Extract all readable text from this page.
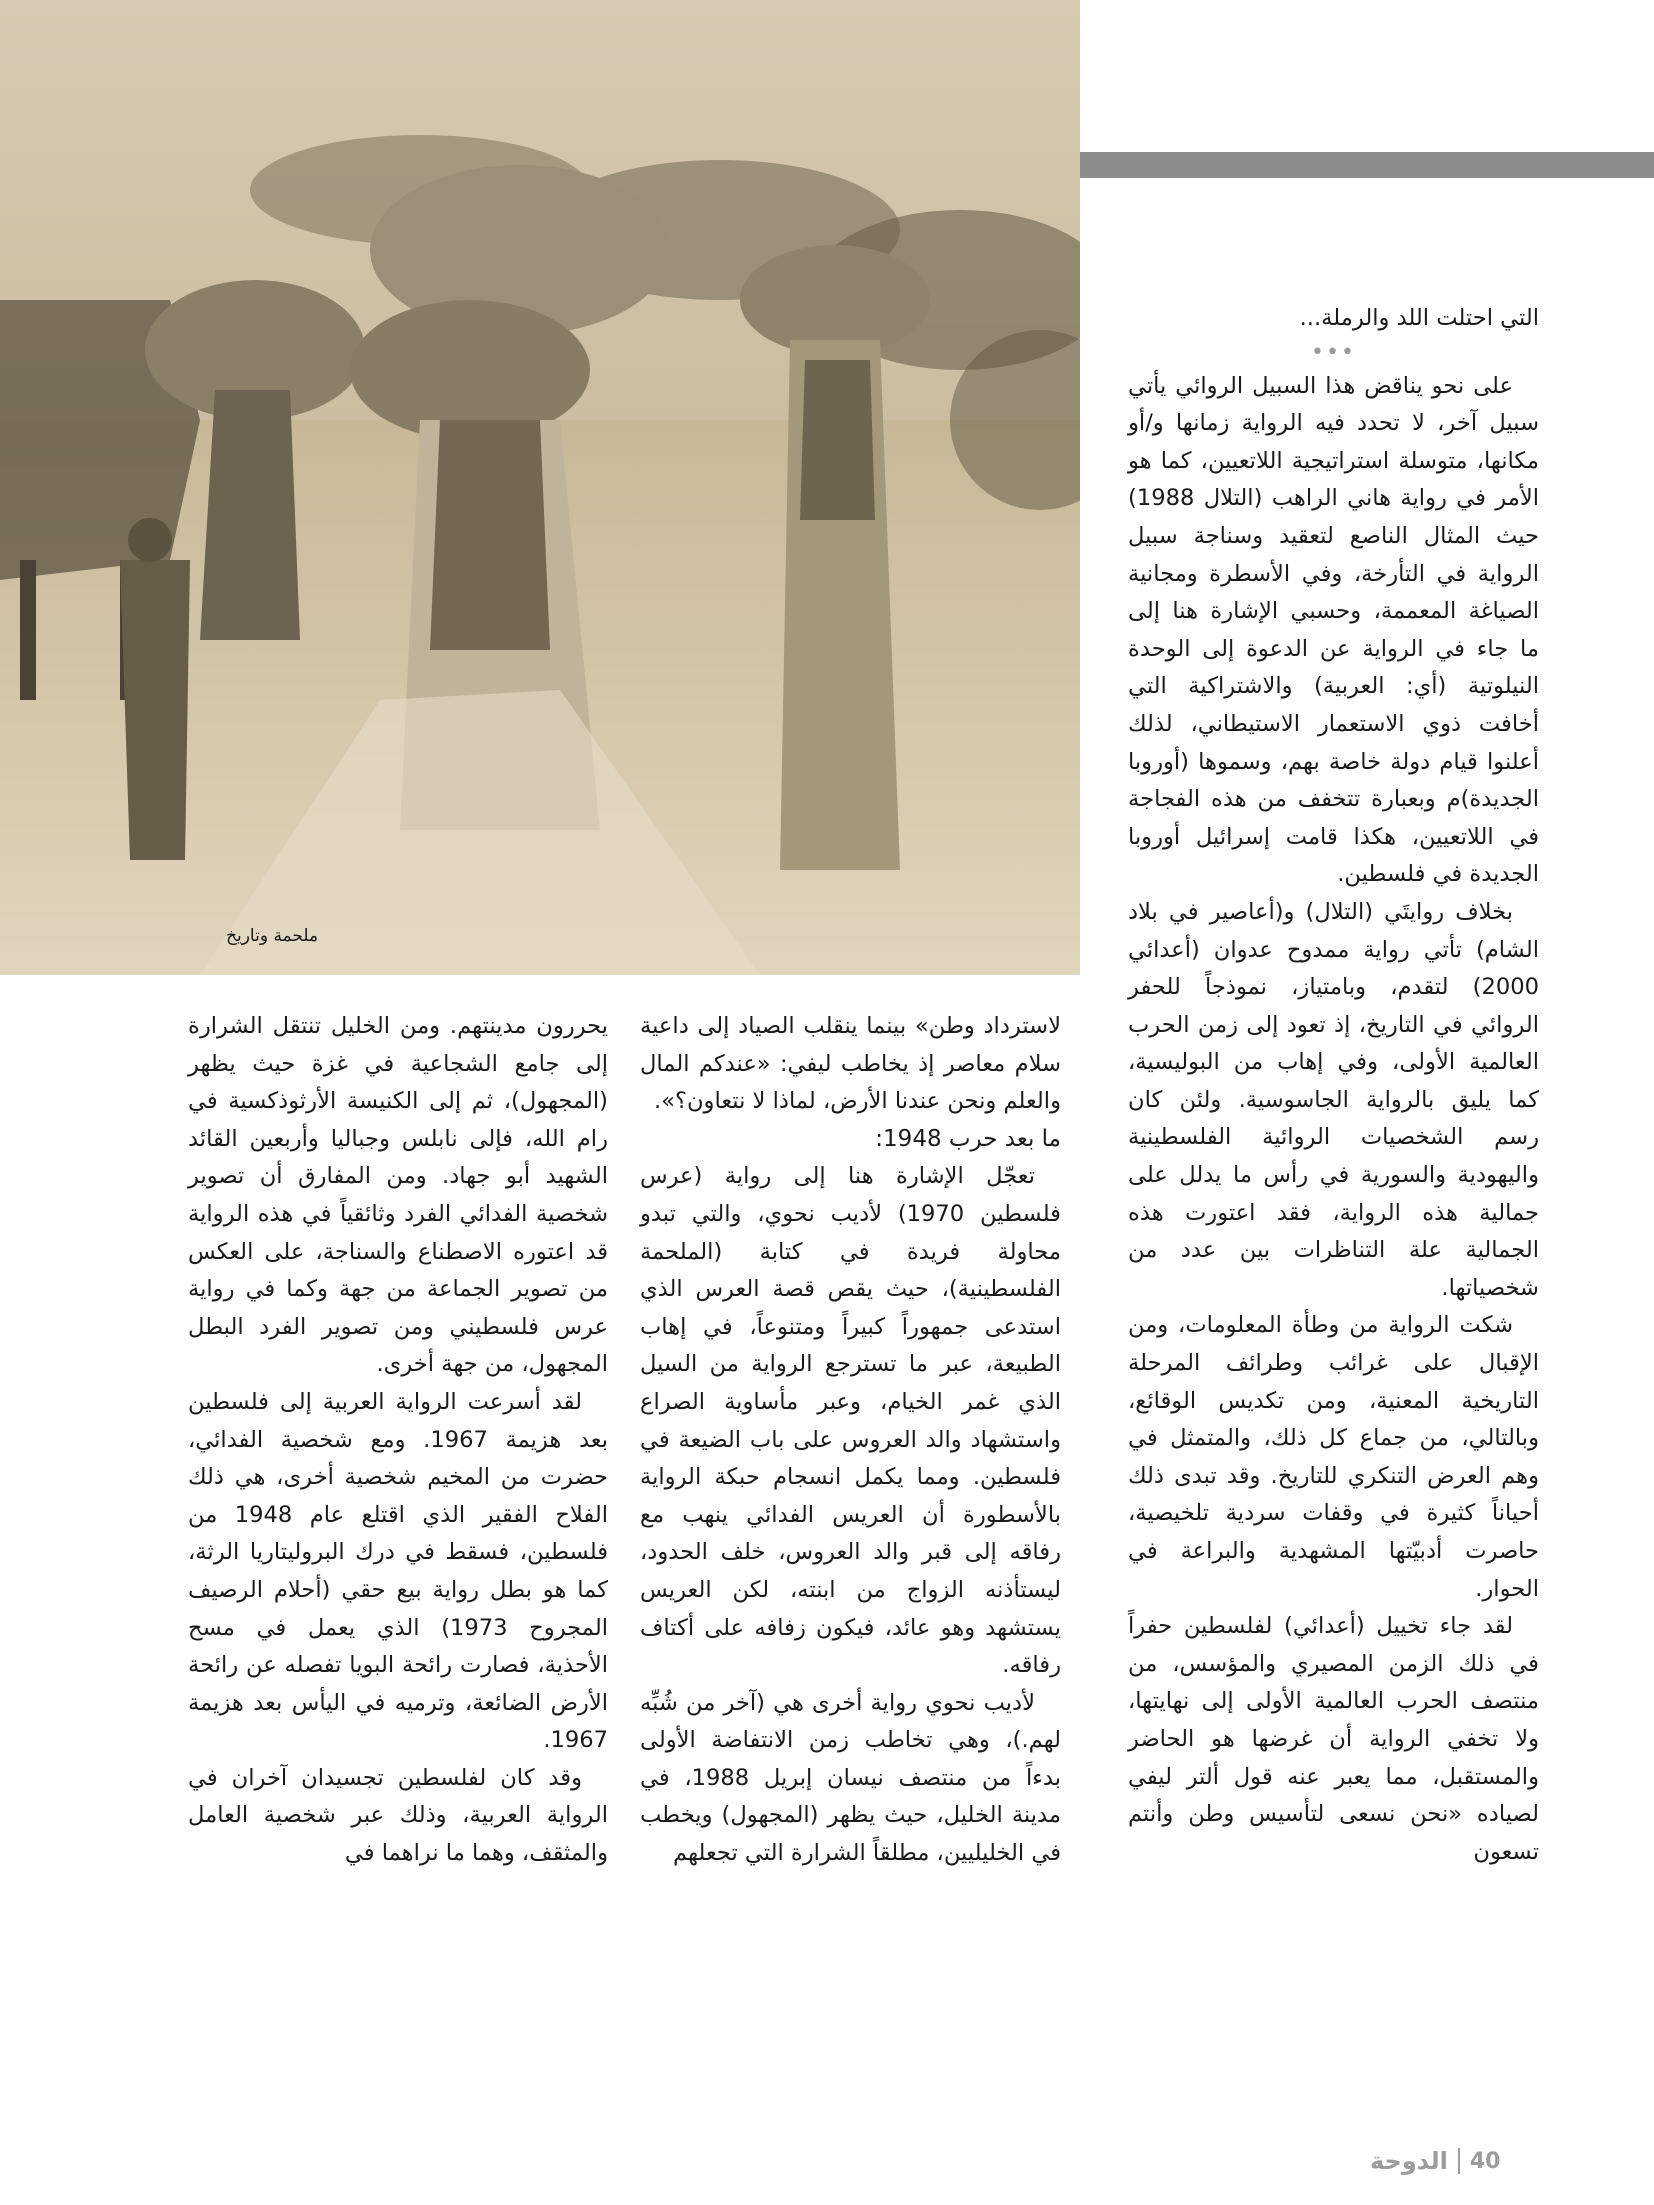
ملحمة وتاريخ

التي احتلت اللد والرملة...

•••

على نحو يناقض هذا السبيل الروائي يأتي سبيل آخر، لا تحدد فيه الرواية زمانها و/أو مكانها، متوسلة استراتيجية اللاتعيين، كما هو الأمر في رواية هاني الراهب (التلال 1988) حيث المثال الناصع لتعقيد وسناجة سبيل الرواية في التأرخة، وفي الأسطرة ومجانية الصياغة المعممة، وحسبي الإشارة هنا إلى ما جاء في الرواية عن الدعوة إلى الوحدة النيلوتية (أي: العربية) والاشتراكية التي أخافت ذوي الاستعمار الاستيطاني، لذلك أعلنوا قيام دولة خاصة بهم، وسموها (أوروبا الجديدة)م وبعبارة تتخفف من هذه الفجاجة في اللاتعيين، هكذا قامت إسرائيل أوروبا الجديدة في فلسطين.

بخلاف روايتَي (التلال) و(أعاصير في بلاد الشام) تأتي رواية ممدوح عدوان (أعدائي 2000) لتقدم، وبامتياز، نموذجاً للحفر الروائي في التاريخ، إذ تعود إلى زمن الحرب العالمية الأولى، وفي إهاب من البوليسية، كما يليق بالرواية الجاسوسية. ولئن كان رسم الشخصيات الروائية الفلسطينية واليهودية والسورية في رأس ما يدلل على جمالية هذه الرواية، فقد اعتورت هذه الجمالية علة التناظرات بين عدد من شخصياتها.

شكت الرواية من وطأة المعلومات، ومن الإقبال على غرائب وطرائف المرحلة التاريخية المعنية، ومن تكديس الوقائع، وبالتالي، من جماع كل ذلك، والمتمثل في وهم العرض التنكري للتاريخ. وقد تبدى ذلك أحياناً كثيرة في وقفات سردية تلخيصية، حاصرت أدبيّتها المشهدية والبراعة في الحوار.

لقد جاء تخييل (أعدائي) لفلسطين حفراً في ذلك الزمن المصيري والمؤسس، من منتصف الحرب العالمية الأولى إلى نهايتها، ولا تخفي الرواية أن غرضها هو الحاضر والمستقبل، مما يعبر عنه قول ألتر ليفي لصياده «نحن نسعى لتأسيس وطن وأنتم تسعون

لاسترداد وطن» بينما ينقلب الصياد إلى داعية سلام معاصر إذ يخاطب ليفي: «عندكم المال والعلم ونحن عندنا الأرض، لماذا لا نتعاون؟».

ما بعد حرب 1948:

تعجّل الإشارة هنا إلى رواية (عرس فلسطين 1970) لأديب نحوي، والتي تبدو محاولة فريدة في كتابة (الملحمة الفلسطينية)، حيث يقص قصة العرس الذي استدعى جمهوراً كبيراً ومتنوعاً، في إهاب الطبيعة، عبر ما تسترجع الرواية من السيل الذي غمر الخيام، وعبر مأساوية الصراع واستشهاد والد العروس على باب الضيعة في فلسطين. ومما يكمل انسجام حبكة الرواية بالأسطورة أن العريس الفدائي ينهب مع رفاقه إلى قبر والد العروس، خلف الحدود، ليستأذنه الزواج من ابنته، لكن العريس يستشهد وهو عائد، فيكون زفافه على أكتاف رفاقه.

لأديب نحوي رواية أخرى هي (آخر من شُبِّه لهم.)، وهي تخاطب زمن الانتفاضة الأولى بدءاً من منتصف نيسان إبريل 1988، في مدينة الخليل، حيث يظهر (المجهول) ويخطب في الخليليين، مطلقاً الشرارة التي تجعلهم

يحررون مدينتهم. ومن الخليل تنتقل الشرارة إلى جامع الشجاعية في غزة حيث يظهر (المجهول)، ثم إلى الكنيسة الأرثوذكسية في رام الله، فإلى نابلس وجباليا وأربعين القائد الشهيد أبو جهاد. ومن المفارق أن تصوير شخصية الفدائي الفرد وثائقياً في هذه الرواية قد اعتوره الاصطناع والسناجة، على العكس من تصوير الجماعة من جهة وكما في رواية عرس فلسطيني ومن تصوير الفرد البطل المجهول، من جهة أخرى.

لقد أسرعت الرواية العربية إلى فلسطين بعد هزيمة 1967. ومع شخصية الفدائي، حضرت من المخيم شخصية أخرى، هي ذلك الفلاح الفقير الذي اقتلع عام 1948 من فلسطين، فسقط في درك البروليتاريا الرثة، كما هو بطل رواية بيع حقي (أحلام الرصيف المجروح 1973) الذي يعمل في مسح الأحذية، فصارت رائحة البويا تفصله عن رائحة الأرض الضائعة، وترميه في اليأس بعد هزيمة 1967.

وقد كان لفلسطين تجسيدان آخران في الرواية العربية، وذلك عبر شخصية العامل والمثقف، وهما ما نراهما في

الدوحة 40
